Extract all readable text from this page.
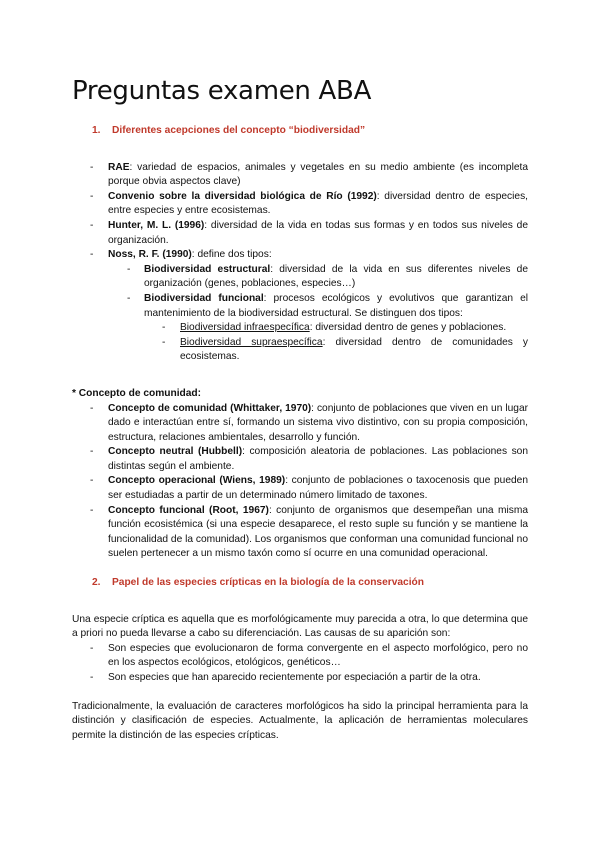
Preguntas examen ABA

1. Diferentes acepciones del concepto “biodiversidad”

- RAE: variedad de espacios, animales y vegetales en su medio ambiente (es incompleta porque obvia aspectos clave)
- Convenio sobre la diversidad biológica de Río (1992): diversidad dentro de especies, entre especies y entre ecosistemas.
- Hunter, M. L. (1996): diversidad de la vida en todas sus formas y en todos sus niveles de organización.
- Noss, R. F. (1990): define dos tipos:
- Biodiversidad estructural: diversidad de la vida en sus diferentes niveles de organización (genes, poblaciones, especies…)
- Biodiversidad funcional: procesos ecológicos y evolutivos que garantizan el mantenimiento de la biodiversidad estructural. Se distinguen dos tipos:
- Biodiversidad infraespecífica: diversidad dentro de genes y poblaciones.
- Biodiversidad supraespecífica: diversidad dentro de comunidades y ecosistemas.

* Concepto de comunidad:

- Concepto de comunidad (Whittaker, 1970): conjunto de poblaciones que viven en un lugar dado e interactúan entre sí, formando un sistema vivo distintivo, con su propia composición, estructura, relaciones ambientales, desarrollo y función.
- Concepto neutral (Hubbell): composición aleatoria de poblaciones. Las poblaciones son distintas según el ambiente.
- Concepto operacional (Wiens, 1989): conjunto de poblaciones o taxocenosis que pueden ser estudiadas a partir de un determinado número limitado de taxones.
- Concepto funcional (Root, 1967): conjunto de organismos que desempeñan una misma función ecosistémica (si una especie desaparece, el resto suple su función y se mantiene la funcionalidad de la comunidad). Los organismos que conforman una comunidad funcional no suelen pertenecer a un mismo taxón como sí ocurre en una comunidad operacional.

2. Papel de las especies crípticas en la biología de la conservación

Una especie críptica es aquella que es morfológicamente muy parecida a otra, lo que determina que a priori no pueda llevarse a cabo su diferenciación. Las causas de su aparición son:

- Son especies que evolucionaron de forma convergente en el aspecto morfológico, pero no en los aspectos ecológicos, etológicos, genéticos…
- Son especies que han aparecido recientemente por especiación a partir de la otra.

Tradicionalmente, la evaluación de caracteres morfológicos ha sido la principal herramienta para la distinción y clasificación de especies. Actualmente, la aplicación de herramientas moleculares permite la distinción de las especies crípticas.
